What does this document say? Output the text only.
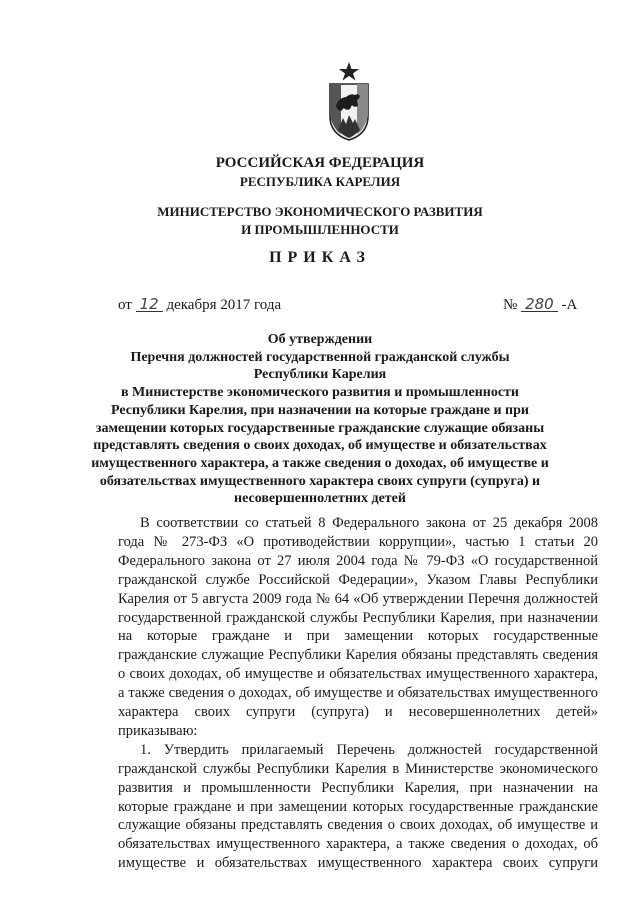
РОССИЙСКАЯ ФЕДЕРАЦИЯ
РЕСПУБЛИКА КАРЕЛИЯ
МИНИСТЕРСТВО ЭКОНОМИЧЕСКОГО РАЗВИТИЯ
И ПРОМЫШЛЕННОСТИ
ПРИКАЗ
от 12 декабря 2017 года	№ 280 -А
Об утверждении
Перечня должностей государственной гражданской службы
Республики Карелия
в Министерстве экономического развития и промышленности
Республики Карелия, при назначении на которые граждане и при
замещении которых государственные гражданские служащие обязаны
представлять сведения о своих доходах, об имуществе и обязательствах
имущественного характера, а также сведения о доходах, об имуществе и
обязательствах имущественного характера своих супруги (супруга) и
несовершеннолетних детей
В соответствии со статьей 8 Федерального закона от 25 декабря 2008
года № 273-ФЗ «О противодействии коррупции», частью 1 статьи 20
Федерального закона от 27 июля 2004 года № 79-ФЗ «О государственной
гражданской службе Российской Федерации», Указом Главы Республики
Карелия от 5 августа 2009 года № 64 «Об утверждении Перечня должностей
государственной гражданской службы Республики Карелия, при назначении
на которые граждане и при замещении которых государственные
гражданские служащие Республики Карелия обязаны представлять сведения
о своих доходах, об имуществе и обязательствах имущественного характера,
а также сведения о доходах, об имуществе и обязательствах имущественного
характера своих супруги (супруга) и несовершеннолетних детей»
приказываю:
1. Утвердить прилагаемый Перечень должностей государственной
гражданской службы Республики Карелия в Министерстве экономического
развития и промышленности Республики Карелия, при назначении на
которые граждане и при замещении которых государственные гражданские
служащие обязаны представлять сведения о своих доходах, об имуществе и
обязательствах имущественного характера, а также сведения о доходах, об
имуществе и обязательствах имущественного характера своих супруги
